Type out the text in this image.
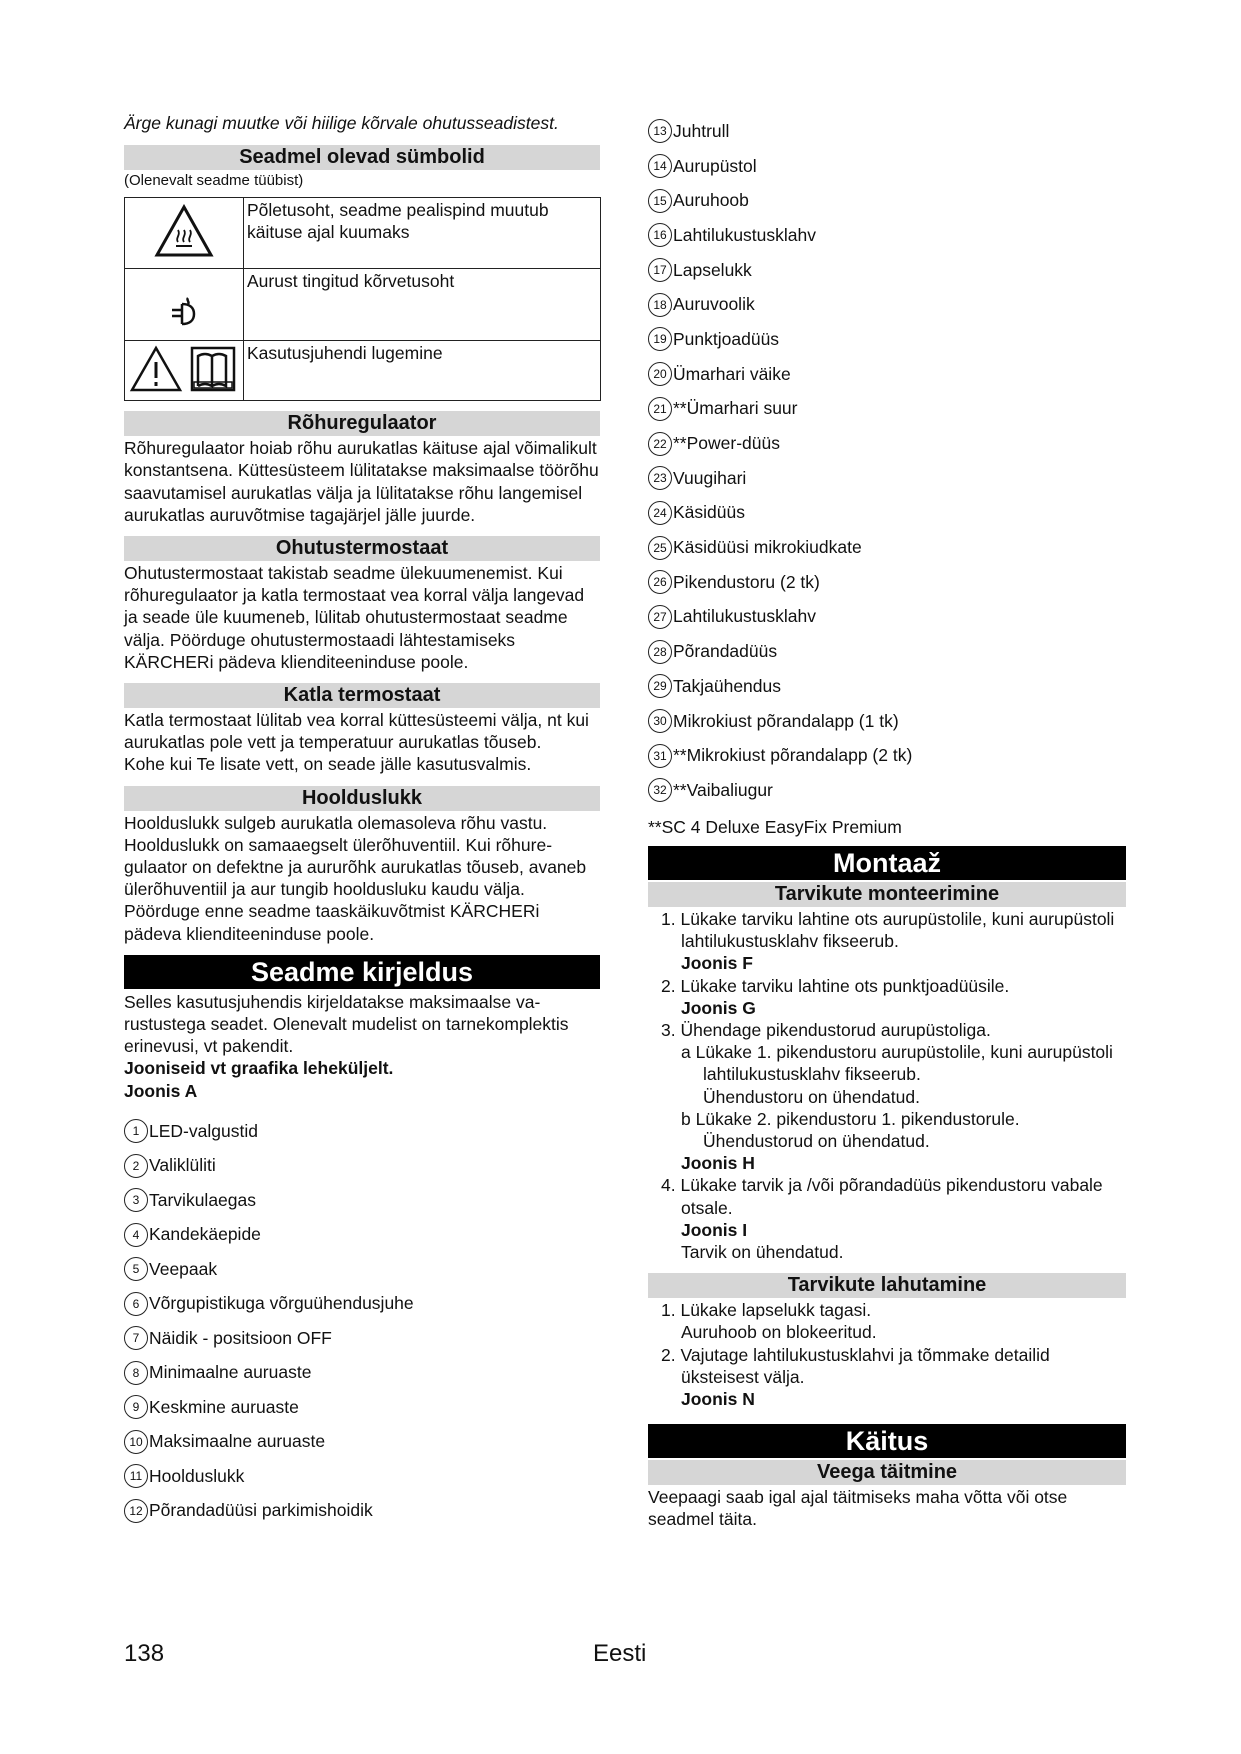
Ärge kunagi muutke või hiilige kõrvale ohutusseadistest.

Seadmel olevad sümbolid

(Olenevalt seadme tüübist)

	Põletusoht, seadme pealispind muutub käituse ajal kuumaks
	Aurust tingitud kõrvetusoht
	Kasutusjuhendi lugemine
Rõhuregulaator

Rõhuregulaator hoiab rõhu aurukatlas käituse ajal võimalikult konstantsena. Küttesüsteem lülitatakse maksimaalse töörõhu saavutamisel aurukatlas välja ja lülitatakse rõhu langemisel aurukatlas auruvõtmise tagajärjel jälle juurde.

Ohutustermostaat

Ohutustermostaat takistab seadme ülekuumenemist. Kui rõhuregulaator ja katla termostaat vea korral välja langevad ja seade üle kuumeneb, lülitab ohutustermostaat seadme välja. Pöörduge ohutustermostaadi lähtestamiseks KÄRCHERi pädeva klienditeeninduse poole.

Katla termostaat

Katla termostaat lülitab vea korral küttesüsteemi välja, nt kui aurukatlas pole vett ja temperatuur aurukatlas tõuseb.

Kohe kui Te lisate vett, on seade jälle kasutusvalmis.

Hoolduslukk

Hoolduslukk sulgeb aurukatla olemasoleva rõhu vastu. Hoolduslukk on samaaegselt ülerõhuventiil. Kui rõhuregulaator on defektne ja aururõhk aurukatlas tõuseb, avaneb ülerõhuventiil ja aur tungib hooldusluku kaudu välja.

Pöörduge enne seadme taaskäikuvõtmist KÄRCHERi pädeva klienditeeninduse poole.

Seadme kirjeldus

Selles kasutusjuhendis kirjeldatakse maksimaalse varustustega seadet. Olenevalt mudelist on tarnekomplektis erinevusi, vt pakendit.

Jooniseid vt graafika leheküljelt.

Joonis A

1 LED-valgustid
2 Valiklüliti
3 Tarvikulaegas
4 Kandekäepide
5 Veepaak
6 Võrgupistikuga võrguühendusjuhe
7 Näidik - positsioon OFF
8 Minimaalne auruaste
9 Keskmine auruaste
10 Maksimaalne auruaste
11 Hoolduslukk
12 Põrandadüüsi parkimishoidik
13 Juhtrull
14 Aurupüstol
15 Auruhoob
16 Lahtilukustusklahv
17 Lapselukk
18 Auruvoolik
19 Punktjoadüüs
20 Ümarhari väike
21 **Ümarhari suur
22 **Power-düüs
23 Vuugihari
24 Käsidüüs
25 Käsidüüsi mikrokiudkate
26 Pikendustoru (2 tk)
27 Lahtilukustusklahv
28 Põrandadüüs
29 Takjaühendus
30 Mikrokiust põrandalapp (1 tk)
31 **Mikrokiust põrandalapp (2 tk)
32 **Vaibaliugur

**SC 4 Deluxe EasyFix Premium

Montaaž
Tarvikute monteerimine

1. Lükake tarviku lahtine ots aurupüstolile, kuni aurupüstoli lahtilukustusklahv fikseerub.

Joonis F

2. Lükake tarviku lahtine ots punktjoadüüsile.

Joonis G

3. Ühendage pikendustorud aurupüstoliga.

a Lükake 1. pikendustoru aurupüstolile, kuni aurupüstoli lahtilukustusklahv fikseerub.

Ühendustoru on ühendatud.

b Lükake 2. pikendustoru 1. pikendustorule.

Ühendustorud on ühendatud.

Joonis H

4. Lükake tarvik ja /või põrandadüüs pikendustoru vabale otsale.

Joonis I

Tarvik on ühendatud.

Tarvikute lahutamine

1. Lükake lapselukk tagasi.

Auruhoob on blokeeritud.

2. Vajutage lahtilukustusklahvi ja tõmmake detailid üksteisest välja.

Joonis N

Käitus
Veega täitmine

Veepaagi saab igal ajal täitmiseks maha võtta või otse seadmel täita.

138	Eesti
